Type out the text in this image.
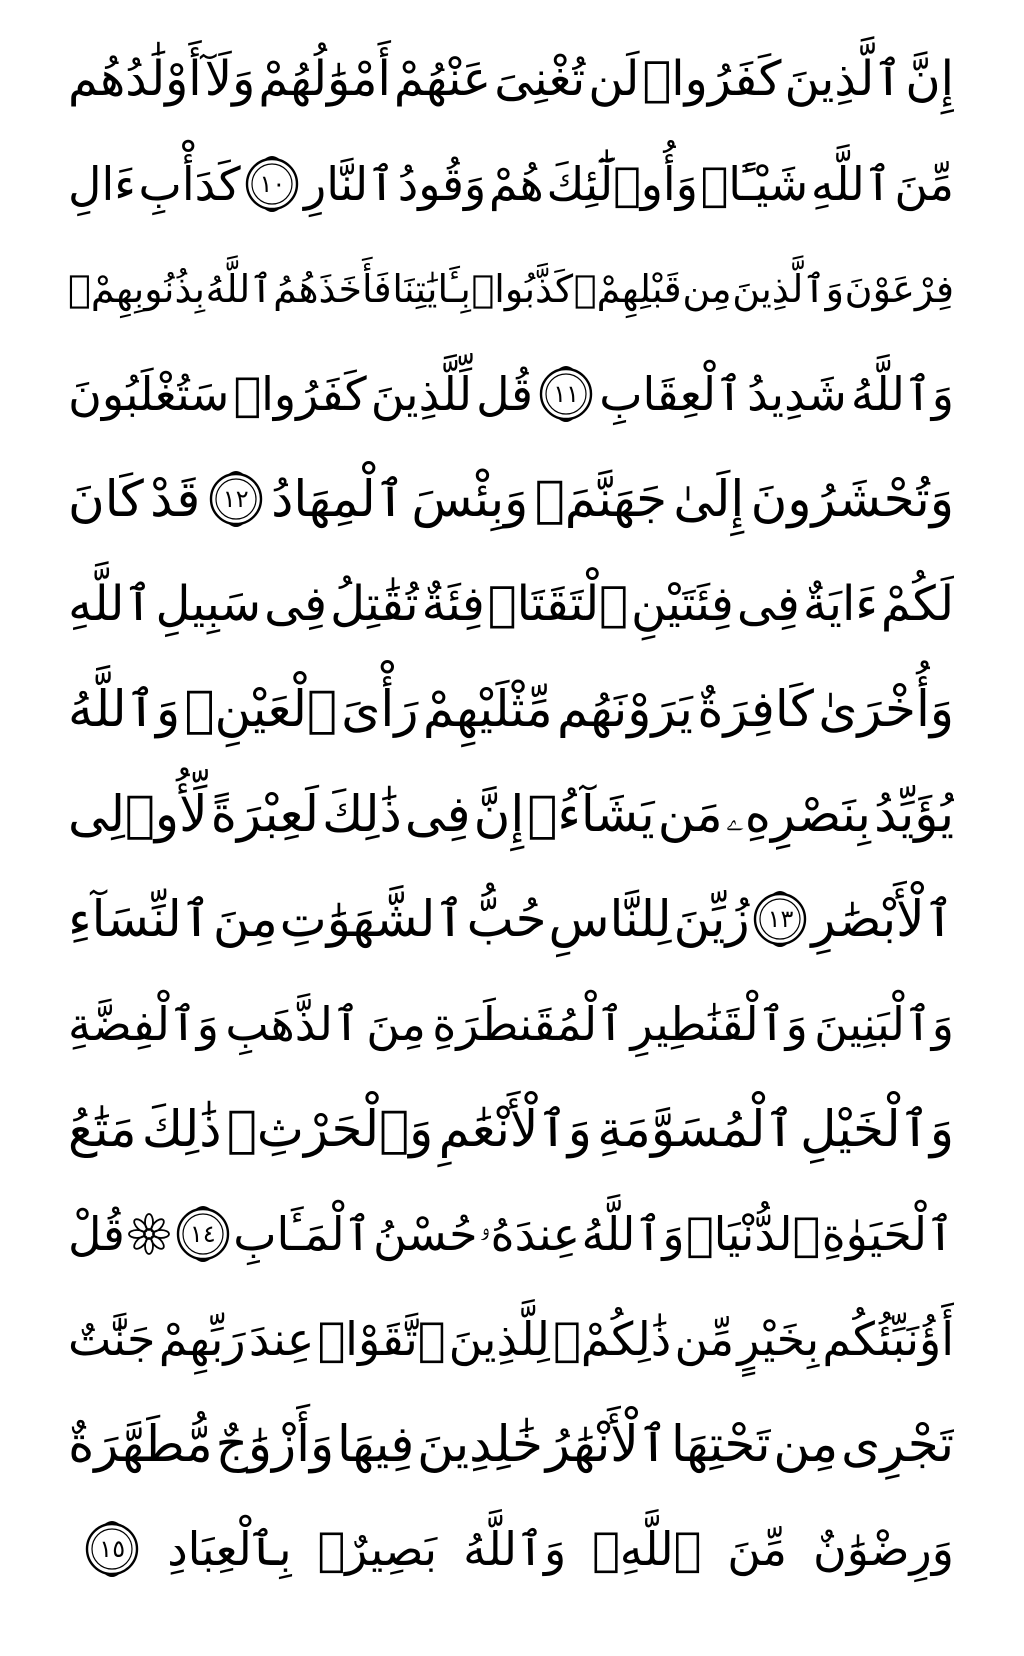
إِنَّ
ٱلَّذِينَ
كَفَرُوا۟
لَن
تُغْنِىَ
عَنْهُمْ
أَمْوَٰلُهُمْ
وَلَآ
أَوْلَٰدُهُم
مِّنَ
ٱللَّهِ
شَيْـًٔاۖ
وَأُو۟لَٰٓئِكَ
هُمْ
وَقُودُ
ٱلنَّارِ
١٠
كَدَأْبِ
ءَالِ
فِرْعَوْنَ
وَٱلَّذِينَ
مِن
قَبْلِهِمْۚ
كَذَّبُوا۟
بِـَٔايَٰتِنَا
فَأَخَذَهُمُ
ٱللَّهُ
بِذُنُوبِهِمْۗ
وَٱللَّهُ
شَدِيدُ
ٱلْعِقَابِ
١١
قُل
لِّلَّذِينَ
كَفَرُوا۟
سَتُغْلَبُونَ
وَتُحْشَرُونَ
إِلَىٰ
جَهَنَّمَۚ
وَبِئْسَ
ٱلْمِهَادُ
١٢
قَدْ
كَانَ
لَكُمْ
ءَايَةٌ
فِى
فِئَتَيْنِ
ٱلْتَقَتَاۖ
فِئَةٌ
تُقَٰتِلُ
فِى
سَبِيلِ
ٱللَّهِ
وَأُخْرَىٰ
كَافِرَةٌ
يَرَوْنَهُم
مِّثْلَيْهِمْ
رَأْىَ
ٱلْعَيْنِۚ
وَٱللَّهُ
يُؤَيِّدُ
بِنَصْرِهِۦ
مَن
يَشَآءُۗ
إِنَّ
فِى
ذَٰلِكَ
لَعِبْرَةً
لِّأُو۟لِى
ٱلْأَبْصَٰرِ
١٣
زُيِّنَ
لِلنَّاسِ
حُبُّ
ٱلشَّهَوَٰتِ
مِنَ
ٱلنِّسَآءِ
وَٱلْبَنِينَ
وَٱلْقَنَٰطِيرِ
ٱلْمُقَنطَرَةِ
مِنَ
ٱلذَّهَبِ
وَٱلْفِضَّةِ
وَٱلْخَيْلِ
ٱلْمُسَوَّمَةِ
وَٱلْأَنْعَٰمِ
وَٱلْحَرْثِۗ
ذَٰلِكَ
مَتَٰعُ
ٱلْحَيَوٰةِ
ٱلدُّنْيَاۖ
وَٱللَّهُ
عِندَهُۥ
حُسْنُ
ٱلْمَـَٔابِ
١٤
قُلْ
أَؤُنَبِّئُكُم
بِخَيْرٍ
مِّن
ذَٰلِكُمْۚ
لِلَّذِينَ
ٱتَّقَوْا۟
عِندَ
رَبِّهِمْ
جَنَّٰتٌ
تَجْرِى
مِن
تَحْتِهَا
ٱلْأَنْهَٰرُ
خَٰلِدِينَ
فِيهَا
وَأَزْوَٰجٌ
مُّطَهَّرَةٌ
وَرِضْوَٰنٌ
مِّنَ
ٱللَّهِۗ
وَٱللَّهُ
بَصِيرٌۢ
بِٱلْعِبَادِ
١٥
